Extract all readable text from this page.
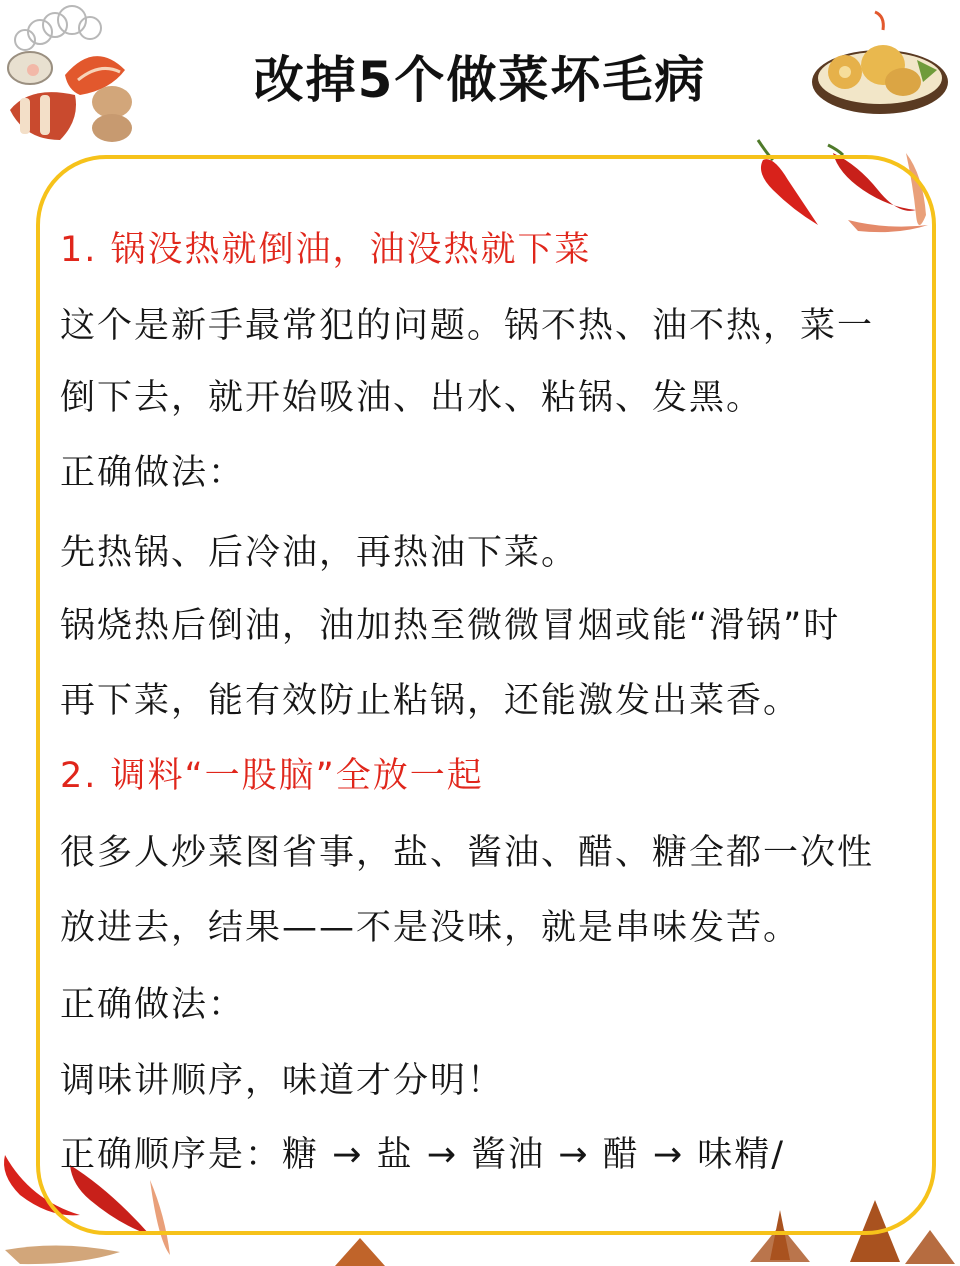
改掉5个做菜坏毛病
1. 锅没热就倒油，油没热就下菜
这个是新手最常犯的问题。锅不热、油不热，菜一
倒下去，就开始吸油、出水、粘锅、发黑。
正确做法：
先热锅、后冷油，再热油下菜。
锅烧热后倒油，油加热至微微冒烟或能“滑锅”时
再下菜，能有效防止粘锅，还能激发出菜香。
2. 调料“一股脑”全放一起
很多人炒菜图省事，盐、酱油、醋、糖全都一次性
放进去，结果——不是没味，就是串味发苦。
正确做法：
调味讲顺序，味道才分明！
正确顺序是：糖 → 盐 → 酱油 → 醋 → 味精/
